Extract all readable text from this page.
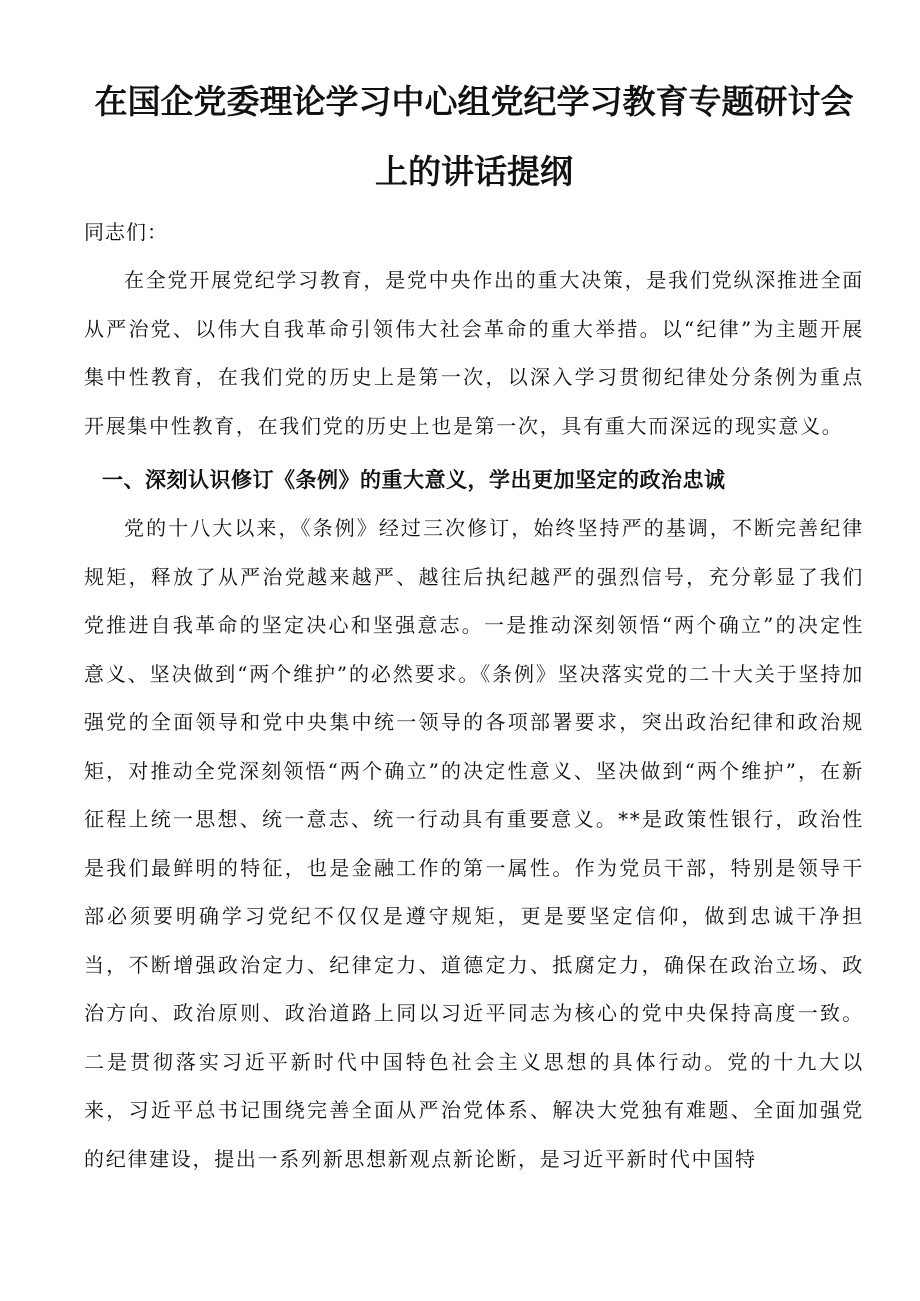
在国企党委理论学习中心组党纪学习教育专题研讨会
上的讲话提纲
同志们：

在全党开展党纪学习教育，是党中央作出的重大决策，是我们党纵深推进全面从严治党、以伟大自我革命引领伟大社会革命的重大举措。以“纪律”为主题开展集中性教育，在我们党的历史上是第一次，以深入学习贯彻纪律处分条例为重点开展集中性教育，在我们党的历史上也是第一次，具有重大而深远的现实意义。

一、深刻认识修订《条例》的重大意义，学出更加坚定的政治忠诚

党的十八大以来，《条例》经过三次修订，始终坚持严的基调，不断完善纪律规矩，释放了从严治党越来越严、越往后执纪越严的强烈信号，充分彰显了我们党推进自我革命的坚定决心和坚强意志。一是推动深刻领悟“两个确立”的决定性意义、坚决做到“两个维护”的必然要求。《条例》坚决落实党的二十大关于坚持加强党的全面领导和党中央集中统一领导的各项部署要求，突出政治纪律和政治规矩，对推动全党深刻领悟“两个确立”的决定性意义、坚决做到“两个维护”，在新征程上统一思想、统一意志、统一行动具有重要意义。**是政策性银行，政治性是我们最鲜明的特征，也是金融工作的第一属性。作为党员干部，特别是领导干部必须要明确学习党纪不仅仅是遵守规矩，更是要坚定信仰，做到忠诚干净担当，不断增强政治定力、纪律定力、道德定力、抵腐定力，确保在政治立场、政治方向、政治原则、政治道路上同以习近平同志为核心的党中央保持高度一致。二是贯彻落实习近平新时代中国特色社会主义思想的具体行动。党的十九大以来，习近平总书记围绕完善全面从严治党体系、解决大党独有难题、全面加强党的纪律建设，提出一系列新思想新观点新论断，是习近平新时代中国特
